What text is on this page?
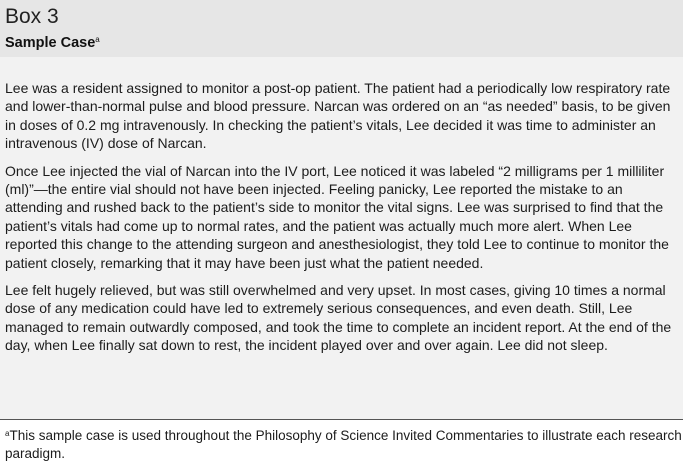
Box 3
Sample Case$^a$

Lee was a resident assigned to monitor a post-op patient. The patient had a periodically low respiratory rate and lower-than-normal pulse and blood pressure. Narcan was ordered on an “as needed” basis, to be given in doses of 0.2 mg intravenously. In checking the patient’s vitals, Lee decided it was time to administer an intravenous (IV) dose of Narcan.

Once Lee injected the vial of Narcan into the IV port, Lee noticed it was labeled “2 milligrams per 1 milliliter (ml)”—the entire vial should not have been injected. Feeling panicky, Lee reported the mistake to an attending and rushed back to the patient’s side to monitor the vital signs. Lee was surprised to find that the patient’s vitals had come up to normal rates, and the patient was actually much more alert. When Lee reported this change to the attending surgeon and anesthesiologist, they told Lee to continue to monitor the patient closely, remarking that it may have been just what the patient needed.

Lee felt hugely relieved, but was still overwhelmed and very upset. In most cases, giving 10 times a normal dose of any medication could have led to extremely serious consequences, and even death. Still, Lee managed to remain outwardly composed, and took the time to complete an incident report. At the end of the day, when Lee finally sat down to rest, the incident played over and over again. Lee did not sleep.

$^a$This sample case is used throughout the Philosophy of Science Invited Commentaries to illustrate each research paradigm.
